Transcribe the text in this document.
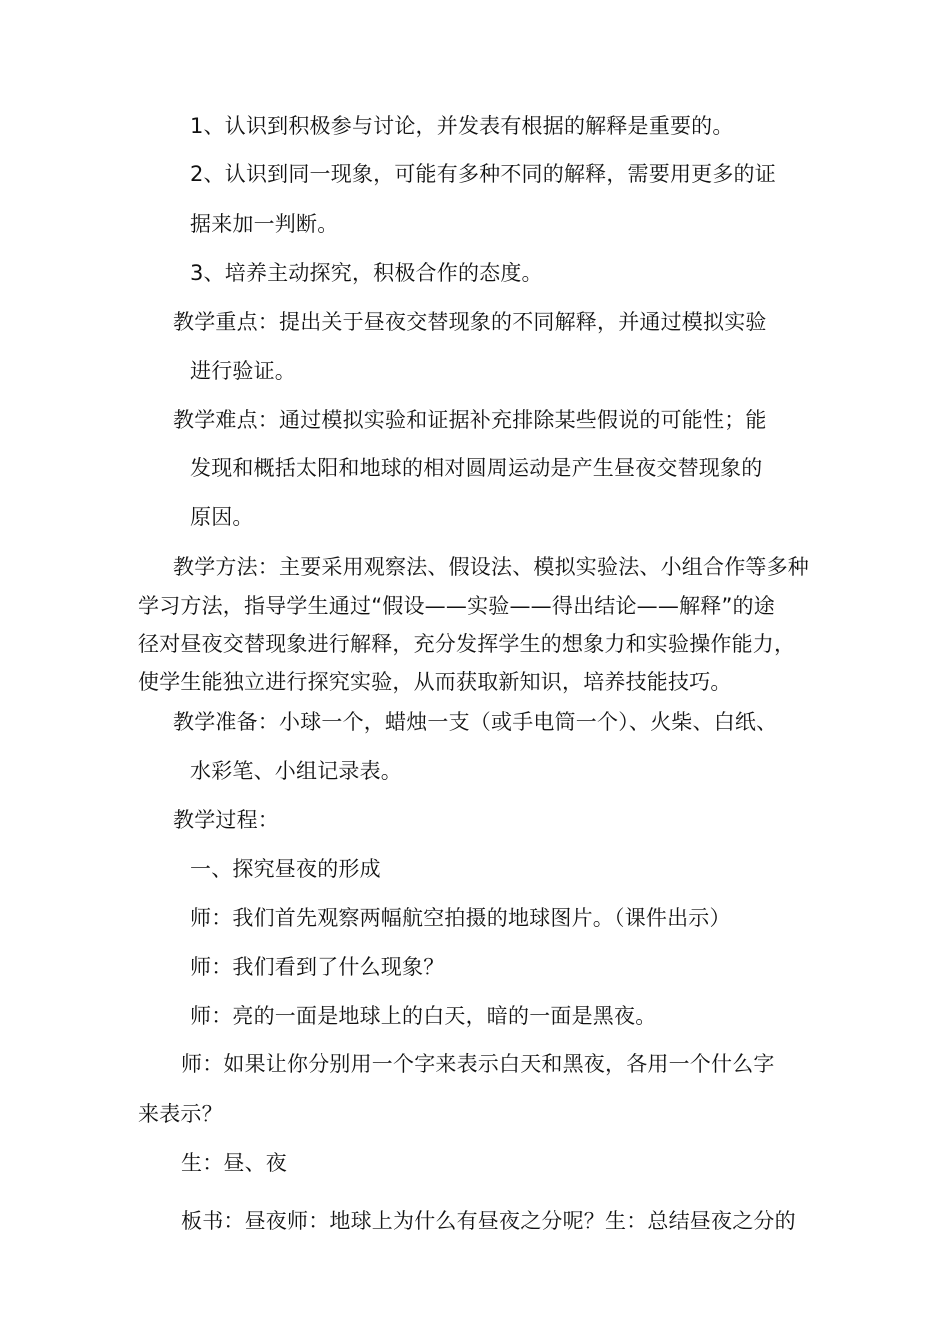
1、认识到积极参与讨论，并发表有根据的解释是重要的。
2、认识到同一现象，可能有多种不同的解释，需要用更多的证
据来加一判断。
3、培养主动探究，积极合作的态度。
教学重点：提出关于昼夜交替现象的不同解释，并通过模拟实验
进行验证。
教学难点：通过模拟实验和证据补充排除某些假说的可能性；能
发现和概括太阳和地球的相对圆周运动是产生昼夜交替现象的
原因。
教学方法：主要采用观察法、假设法、模拟实验法、小组合作等多种
学习方法，指导学生通过“假设——实验——得出结论——解释”的途
径对昼夜交替现象进行解释，充分发挥学生的想象力和实验操作能力，
使学生能独立进行探究实验，从而获取新知识，培养技能技巧。
教学准备：小球一个，蜡烛一支（或手电筒一个）、火柴、白纸、
水彩笔、小组记录表。
教学过程：
一、探究昼夜的形成
师：我们首先观察两幅航空拍摄的地球图片。（课件出示）
师：我们看到了什么现象？
师：亮的一面是地球上的白天，暗的一面是黑夜。
师：如果让你分别用一个字来表示白天和黑夜，各用一个什么字
来表示？
生：昼、夜
板书：昼夜师：地球上为什么有昼夜之分呢？生：总结昼夜之分的
